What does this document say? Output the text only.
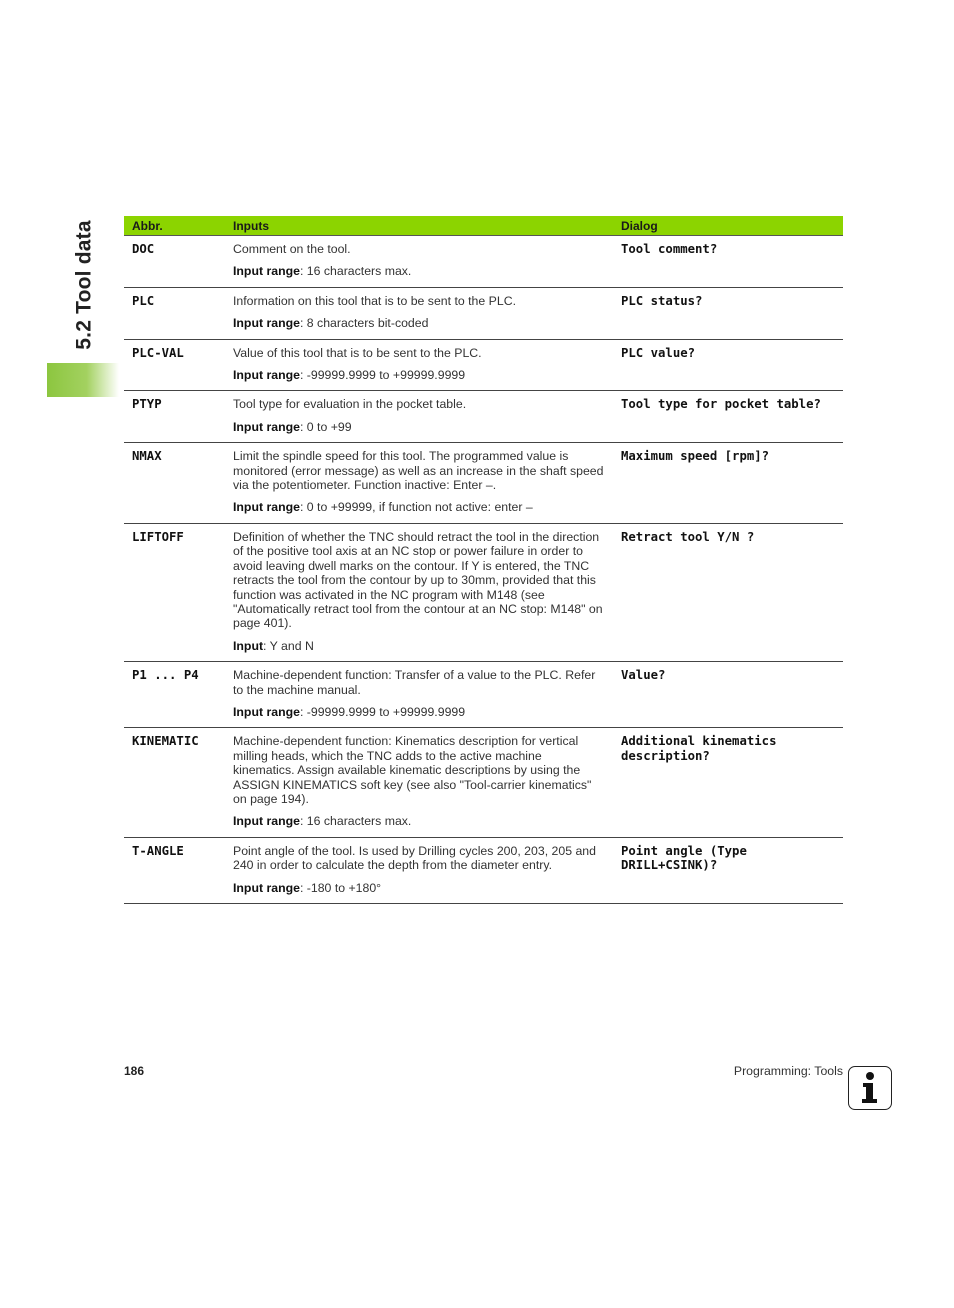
5.2 Tool data	Abbr.	Inputs	Dialog
DOC	Comment on the tool.

Input range: 16 characters max.	Tool comment?
PLC	Information on this tool that is to be sent to the PLC.

Input range: 8 characters bit-coded	PLC status?
PLC-VAL	Value of this tool that is to be sent to the PLC.

Input range: -99999.9999 to +99999.9999	PLC value?
PTYP	Tool type for evaluation in the pocket table.

Input range: 0 to +99	Tool type for pocket table?
NMAX	Limit the spindle speed for this tool. The programmed value is monitored (error message) as well as an increase in the shaft speed via the potentiometer. Function inactive: Enter –.

Input range: 0 to +99999, if function not active: enter –	Maximum speed [rpm]?
LIFTOFF	Definition of whether the TNC should retract the tool in the direction of the positive tool axis at an NC stop or power failure in order to avoid leaving dwell marks on the contour. If Y is entered, the TNC retracts the tool from the contour by up to 30mm, provided that this function was activated in the NC program with M148 (see "Automatically retract tool from the contour at an NC stop: M148" on page 401).

Input: Y and N	Retract tool Y/N ?
P1 ... P4	Machine-dependent function: Transfer of a value to the PLC. Refer to the machine manual.

Input range: -99999.9999 to +99999.9999	Value?
KINEMATIC	Machine-dependent function: Kinematics description for vertical milling heads, which the TNC adds to the active machine kinematics. Assign available kinematic descriptions by using the ASSIGN KINEMATICS soft key (see also "Tool-carrier kinematics" on page 194).

Input range: 16 characters max.	Additional kinematics description?
T-ANGLE	Point angle of the tool. Is used by Drilling cycles 200, 203, 205 and 240 in order to calculate the depth from the diameter entry.

Input range: -180 to +180°	Point angle (Type DRILL+CSINK)?
186	Programming: Tools
